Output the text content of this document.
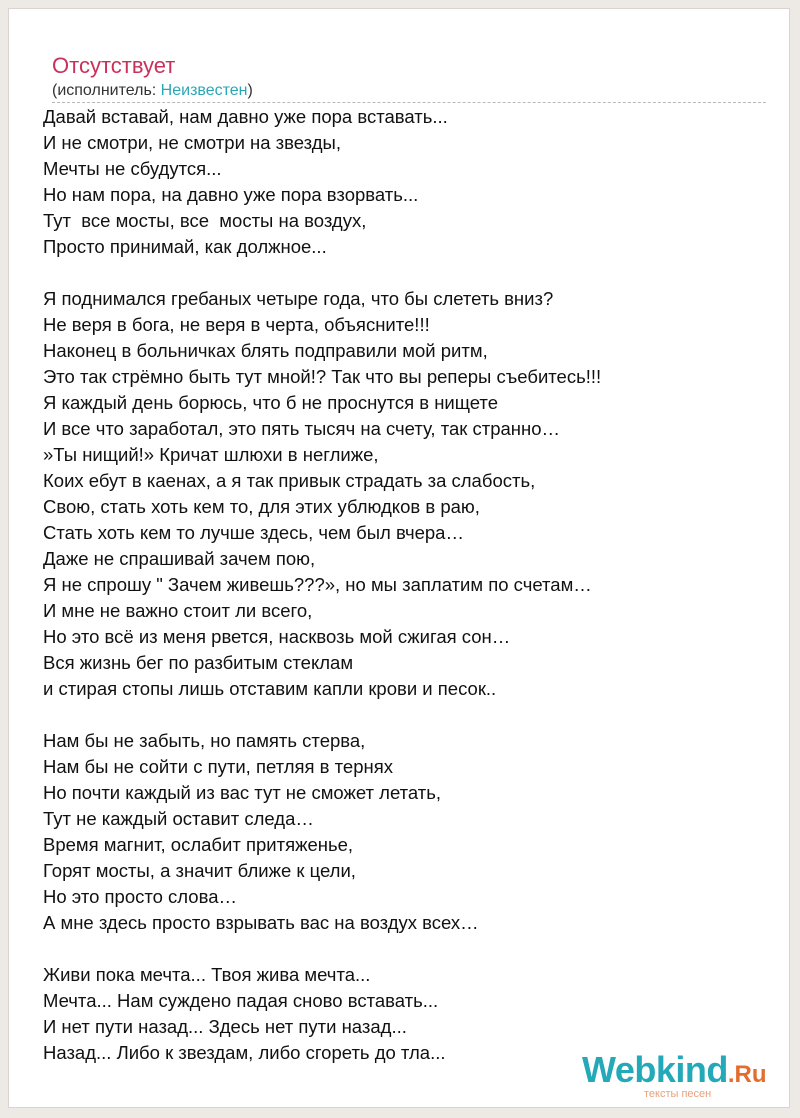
Отсутствует
(исполнитель: Неизвестен)
Давай вставай, нам давно уже пора вставать...
И не смотри, не смотри на звезды,
Мечты не сбудутся...
Но нам пора, на давно уже пора взорвать...
Тут  все мосты, все  мосты на воздух,
Просто принимай, как должное...
Я поднимался гребаных четыре года, что бы слететь вниз?
Не веря в бога, не веря в черта, объясните!!!
Наконец в больничках блять подправили мой ритм,
Это так стрёмно быть тут мной!? Так что вы реперы съебитесь!!!
Я каждый день борюсь, что б не проснутся в нищете
И все что заработал, это пять тысяч на счету, так странно…
»Ты нищий!» Кричат шлюхи в неглиже,
Коих ебут в каенах, а я так привык страдать за слабость,
Свою, стать хоть кем то, для этих ублюдков в раю,
Стать хоть кем то лучше здесь, чем был вчера…
Даже не спрашивай зачем пою,
Я не спрошу " Зачем живешь???», но мы заплатим по счетам…
И мне не важно стоит ли всего,
Но это всё из меня рвется, насквозь мой сжигая сон…
Вся жизнь бег по разбитым стеклам
и стирая стопы лишь отставим капли крови и песок..
Нам бы не забыть, но память стерва,
Нам бы не сойти с пути, петляя в тернях
Но почти каждый из вас тут не сможет летать,
Тут не каждый оставит следа…
Время магнит, ослабит притяженье,
Горят мосты, а значит ближе к цели,
Но это просто слова…
А мне здесь просто взрывать вас на воздух всех…
Живи пока мечта... Твоя жива мечта...
Мечта... Нам суждено падая сново вставать...
И нет пути назад... Здесь нет пути назад...
Назад... Либо к звездам, либо сгореть до тла...	Webkind.Ru
тексты песен
